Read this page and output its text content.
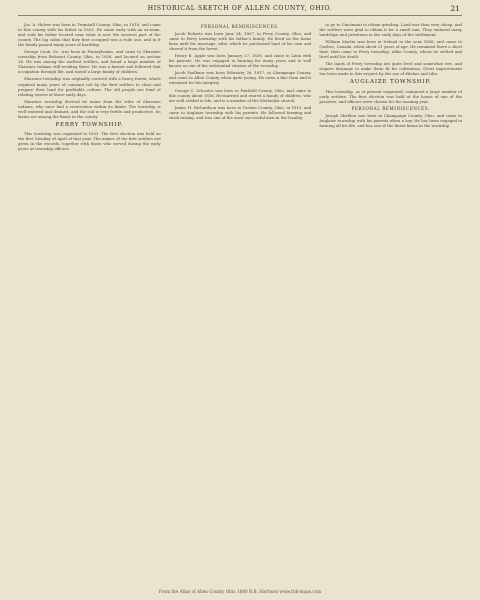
HISTORICAL SKETCH OF ALLEN COUNTY, OHIO.	21

Jas. A. Holver was born in Trumbull County, Ohio, in 1818, and came to this county with his father in 1833. He came early with an ox-team, and with his father located near what is now the western part of the county. The log cabin that they first occupied was a rude one, and in it the family passed many years of hardship.

George Cook, Sr., was born in Pennsylvania, and came to Shawnee township from Belmont County, Ohio, in 1836, and located on section 34. He was among the earliest settlers, and found a large number of Shawnee Indians still residing there. He was a farmer and followed that occupation through life, and raised a large family of children.

Shawnee township was originally covered with a heavy forest, which required many years of constant toil by the first settlers to clear and prepare their land for profitable culture. The old people are fond of relating stories of those early days.

Shawnee township derived its name from the tribe of Shawnee Indians, who once had a reservation within its limits. The township is well watered and drained, and the soil is very fertile and productive. Its farms are among the finest in the county.

PERRY TOWNSHIP.

This township was organized in 1833. The first election was held on the first Monday of April of that year. The names of the first settlers are given in the records, together with those who served during the early years as township officers.

PERSONAL REMINISCENCES.

Jacob Roberts was born June 24, 1807, in Perry County, Ohio, and came to Perry township with his father's family. He lived on the home farm until his marriage, after which he purchased land of his own and cleared it from the forest.

Henry B. Apple was born January 27, 1838, and came to Lima with his parents. He was engaged in farming for many years and is well known as one of the substantial citizens of the township.

Jacob Faulkner was born February 28, 1817, in Champaign County, and came to Allen County when quite young. He owns a fine farm and is esteemed for his integrity.

George C. Schooler was born in Fairfield County, Ohio, and came to this county about 1836. He married and reared a family of children, who are well settled in life, and is a member of the Methodist church.

James H. Richardson was born in Greene County, Ohio, in 1815, and came to Auglaize township with his parents. He followed farming and stock raising, and was one of the most successful men in the locality.

to go to Cincinnati to obtain grinding. Land was then very cheap, and the settlers were glad to obtain it for a small sum. They endured many hardships and privations in the early days of the settlement.

William Martin was born in Ireland in the year 1808, and came to Quebec, Canada, when about 21 years of age. He remained there a short time, then came to Perry township, Allen County, where he settled and lived until his death.

The lands of Perry township are quite level and somewhat wet, and require drainage to make them fit for cultivation. Great improvement has been made in this respect by the use of ditches and tiles.

AUGLAIZE TOWNSHIP.

This township, as at present organized, contained a large number of early settlers. The first election was held at the house of one of the pioneers, and officers were chosen for the ensuing year.

PERSONAL REMINISCENCES.

Joseph Sheldon was born in Champaign County, Ohio, and came to Auglaize township with his parents when a boy. He has been engaged in farming all his life, and has one of the finest farms in the township.

From the Atlas of Allen County Ohio 1880 R.B. Harrison www.rbh-maps.com
